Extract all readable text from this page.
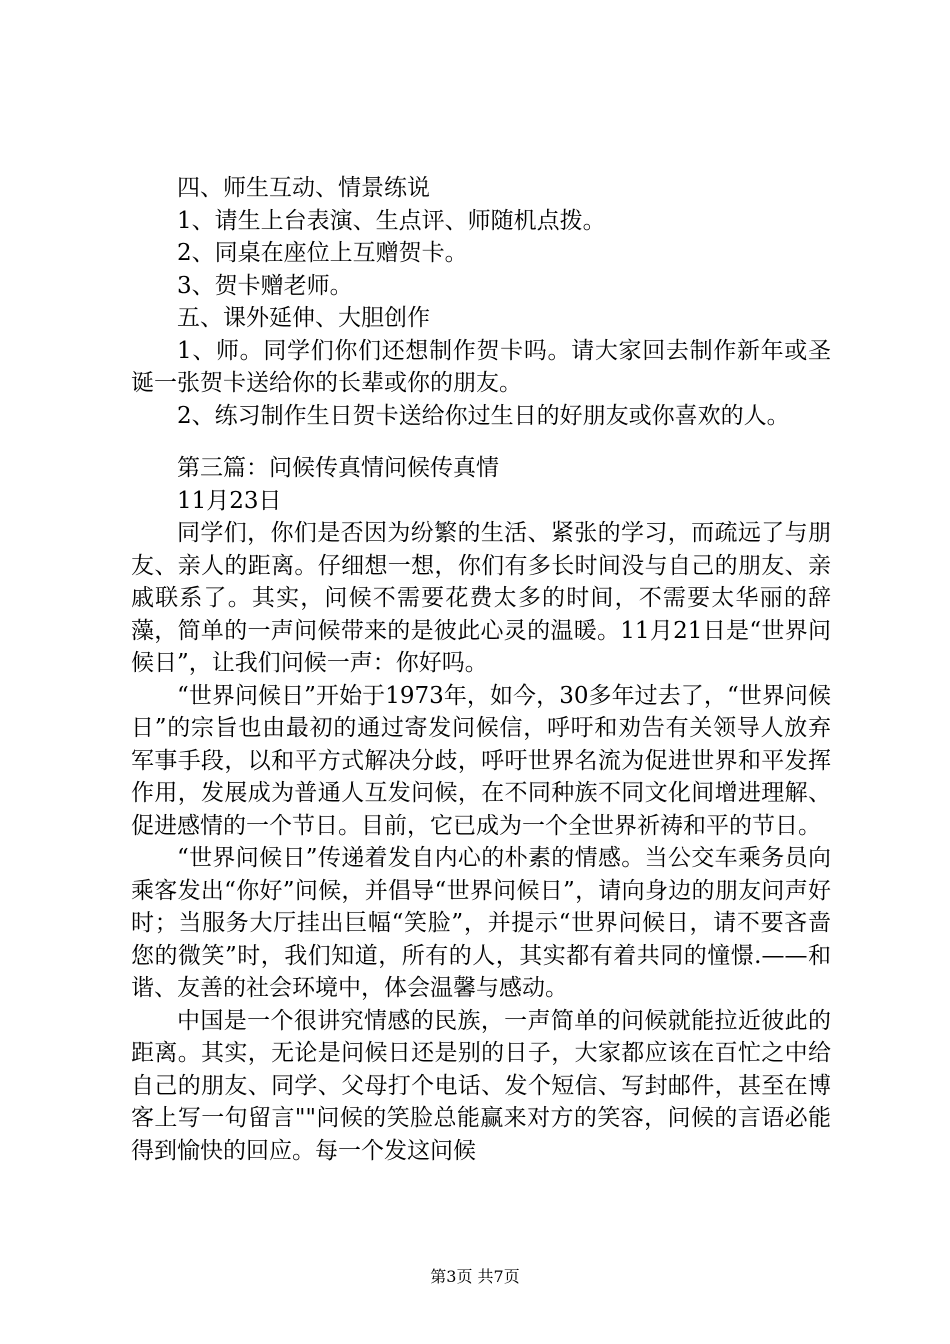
四、师生互动、情景练说

1、请生上台表演、生点评、师随机点拨。

2、同桌在座位上互赠贺卡。

3、贺卡赠老师。

五、课外延伸、大胆创作

1、师。同学们你们还想制作贺卡吗。请大家回去制作新年或圣诞一张贺卡送给你的长辈或你的朋友。

2、练习制作生日贺卡送给你过生日的好朋友或你喜欢的人。

第三篇：问候传真情问候传真情

11月23日

同学们，你们是否因为纷繁的生活、紧张的学习，而疏远了与朋友、亲人的距离。仔细想一想，你们有多长时间没与自己的朋友、亲戚联系了。其实，问候不需要花费太多的时间，不需要太华丽的辞藻，简单的一声问候带来的是彼此心灵的温暖。11月21日是“世界问候日”，让我们问候一声：你好吗。

“世界问候日”开始于1973年，如今，30多年过去了，“世界问候日”的宗旨也由最初的通过寄发问候信，呼吁和劝告有关领导人放弃军事手段，以和平方式解决分歧，呼吁世界名流为促进世界和平发挥作用，发展成为普通人互发问候，在不同种族不同文化间增进理解、促进感情的一个节日。目前，它已成为一个全世界祈祷和平的节日。

“世界问候日”传递着发自内心的朴素的情感。当公交车乘务员向乘客发出“你好”问候，并倡导“世界问候日”，请向身边的朋友问声好时；当服务大厅挂出巨幅“笑脸”，并提示“世界问候日，请不要吝啬您的微笑”时，我们知道，所有的人，其实都有着共同的憧憬.——和谐、友善的社会环境中，体会温馨与感动。

中国是一个很讲究情感的民族，一声简单的问候就能拉近彼此的距离。其实，无论是问候日还是别的日子，大家都应该在百忙之中给自己的朋友、同学、父母打个电话、发个短信、写封邮件，甚至在博客上写一句留言""问候的笑脸总能赢来对方的笑容，问候的言语必能得到愉快的回应。每一个发这问候

第3页 共7页
